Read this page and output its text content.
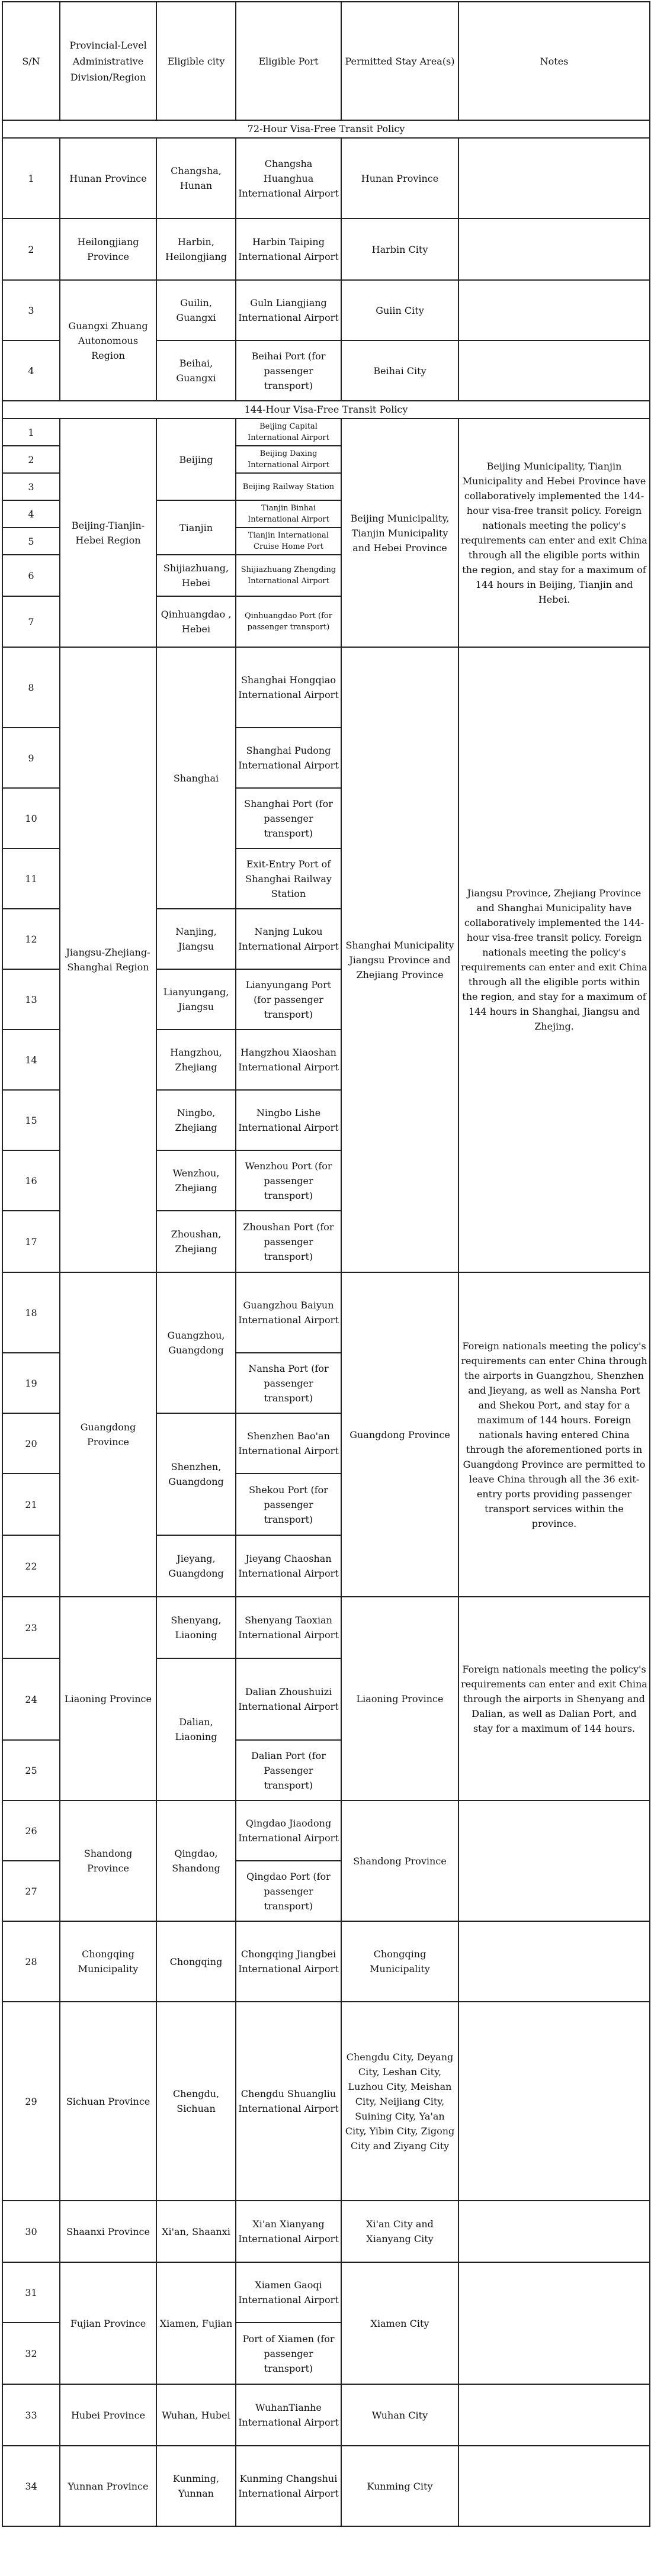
S/N	Provincial-Level Administrative Division/Region	Eligible city	Eligible Port	Permitted Stay Area(s)	Notes
72-Hour Visa-Free Transit Policy					
1	Hunan Province	Changsha, Hunan	Changsha Huanghua International Airport	Hunan Province	
2	Heilongjiang Province	Harbin, Heilongjiang	Harbin Taiping International Airport	Harbin City	
3	Guangxi Zhuang Autonomous Region	Guilin, Guangxi	Guln Liangjiang International Airport	Guiin City	
4		Beihai, Guangxi	Beihai Port (for passenger transport)	Beihai City	
144-Hour Visa-Free Transit Policy					
1	Beijing-Tianjin-Hebei Region	Beijing	Beijing Capital International Airport	Beijing Municipality, Tianjin Municipality and Hebei Province	Beijing Municipality, Tianjin Municipality and Hebei Province have collaboratively implemented the 144-hour visa-free transit policy. Foreign nationals meeting the policy's requirements can enter and exit China through all the eligible ports within the region, and stay for a maximum of 144 hours in Beijing, Tianjin and Hebei.
2			Beijing Daxing International Airport		
3			Beijing Railway Station		
4		Tianjin	Tianjin Binhai International Airport		
5			Tianjin International Cruise Home Port		
6		Shijiazhuang, Hebei	Shijiazhuang Zhengding International Airport		
7		Qinhuangdao , Hebei	Qinhuangdao Port (for passenger transport)		
8	Jiangsu-Zhejiang-Shanghai Region	Shanghai	Shanghai Hongqiao International Airport	Shanghai Municipality Jiangsu Province and Zhejiang Province	Jiangsu Province, Zhejiang Province and Shanghai Municipality have collaboratively implemented the 144-hour visa-free transit policy. Foreign nationals meeting the policy's requirements can enter and exit China through all the eligible ports within the region, and stay for a maximum of 144 hours in Shanghai, Jiangsu and Zhejing.
9			Shanghai Pudong International Airport		
10			Shanghai Port (for passenger transport)		
11			Exit-Entry Port of Shanghai Railway Station		
12		Nanjing, Jiangsu	Nanjng Lukou International Airport		
13		Lianyungang, Jiangsu	Lianyungang Port (for passenger transport)		
14		Hangzhou, Zhejiang	Hangzhou Xiaoshan International Airport		
15		Ningbo, Zhejiang	Ningbo Lishe International Airport		
16		Wenzhou, Zhejiang	Wenzhou Port (for passenger transport)		
17		Zhoushan, Zhejiang	Zhoushan Port (for passenger transport)		
18	Guangdong Province	Guangzhou, Guangdong	Guangzhou Baiyun International Airport	Guangdong Province	Foreign nationals meeting the policy's requirements can enter China through the airports in Guangzhou, Shenzhen and Jieyang, as well as Nansha Port and Shekou Port, and stay for a maximum of 144 hours. Foreign nationals having entered China through the aforementioned ports in Guangdong Province are permitted to leave China through all the 36 exit-entry ports providing passenger transport services within the province.
19			Nansha Port (for passenger transport)		
20		Shenzhen, Guangdong	Shenzhen Bao'an International Airport		
21			Shekou Port (for passenger transport)		
22		Jieyang, Guangdong	Jieyang Chaoshan International Airport		
23	Liaoning Province	Shenyang, Liaoning	Shenyang Taoxian International Airport	Liaoning Province	Foreign nationals meeting the policy's requirements can enter and exit China through the airports in Shenyang and Dalian, as well as Dalian Port, and stay for a maximum of 144 hours.
24		Dalian, Liaoning	Dalian Zhoushuizi International Airport		
25			Dalian Port (for Passenger transport)		
26	Shandong Province	Qingdao, Shandong	Qingdao Jiaodong International Airport	Shandong Province	
27			Qingdao Port (for passenger transport)		
28	Chongqing Municipality	Chongqing	Chongqing Jiangbei International Airport	Chongqing Municipality	
29	Sichuan Province	Chengdu, Sichuan	Chengdu Shuangliu International Airport	Chengdu City, Deyang City, Leshan City, Luzhou City, Meishan City, Neijiang City, Suining City, Ya'an City, Yibin City, Zigong City and Ziyang City	
30	Shaanxi Province	Xi'an, Shaanxi	Xi'an Xianyang International Airport	Xi'an City and Xianyang City	
31	Fujian Province	Xiamen, Fujian	Xiamen Gaoqi International Airport	Xiamen City	
32			Port of Xiamen (for passenger transport)		
33	Hubei Province	Wuhan, Hubei	WuhanTianhe International Airport	Wuhan City	
34	Yunnan Province	Kunming, Yunnan	Kunming Changshui International Airport	Kunming City	
